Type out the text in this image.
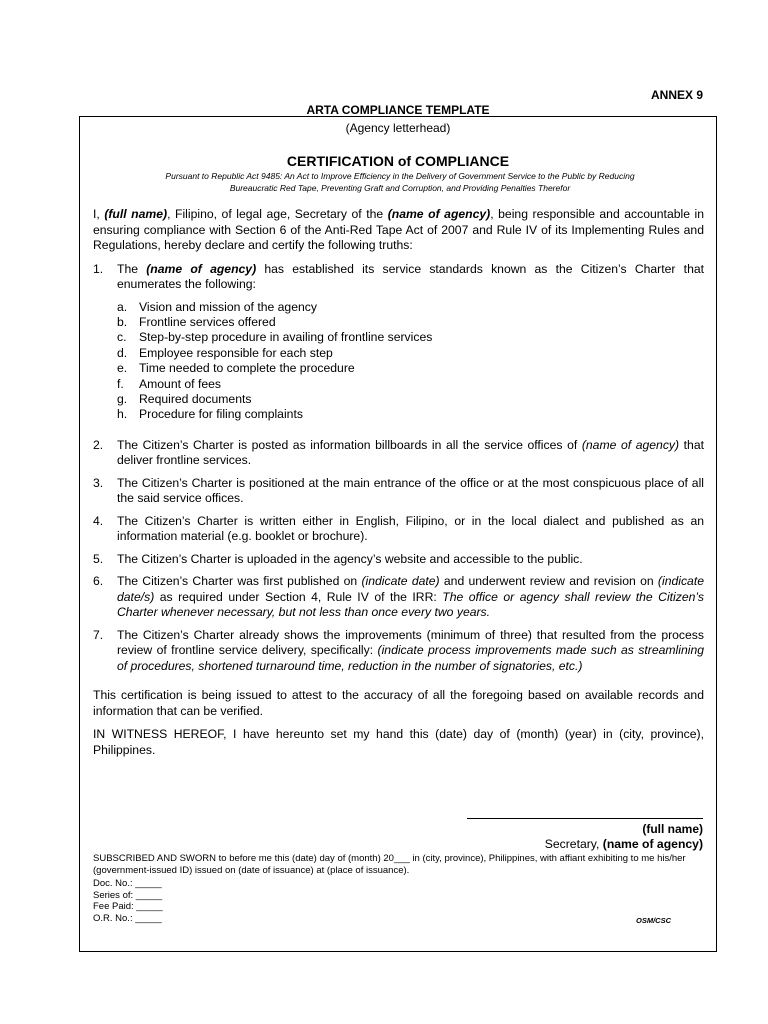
ANNEX 9
ARTA COMPLIANCE TEMPLATE
(Agency letterhead)
CERTIFICATION of COMPLIANCE
Pursuant to Republic Act 9485: An Act to Improve Efficiency in the Delivery of Government Service to the Public by Reducing
Bureaucratic Red Tape, Preventing Graft and Corruption, and Providing Penalties Therefor

I, (full name), Filipino, of legal age, Secretary of the (name of agency), being responsible and accountable in ensuring compliance with Section 6 of the Anti-Red Tape Act of 2007 and Rule IV of its Implementing Rules and Regulations, hereby declare and certify the following truths:

1.	The (name of agency) has established its service standards known as the Citizen’s Charter that enumerates the following:
a. Vision and mission of the agency
b. Frontline services offered
c.	Step-by-step procedure in availing of frontline services
d. Employee responsible for each step
e. Time needed to complete the procedure
f.	Amount of fees
g. Required documents
h. Procedure for filing complaints
2.	The Citizen’s Charter is posted as information billboards in all the service offices of (name of agency) that deliver frontline services.
3.	The Citizen’s Charter is positioned at the main entrance of the office or at the most conspicuous place of all the said service offices.
4.	The Citizen’s Charter is written either in English, Filipino, or in the local dialect and published as an information material (e.g. booklet or brochure).
5.	The Citizen’s Charter is uploaded in the agency’s website and accessible to the public.
6.	The Citizen’s Charter was first published on (indicate date) and underwent review and revision on (indicate date/s) as required under Section 4, Rule IV of the IRR: The office or agency shall review the Citizen’s Charter whenever necessary, but not less than once every two years.
7.	The Citizen’s Charter already shows the improvements (minimum of three) that resulted from the process review of frontline service delivery, specifically: (indicate process improvements made such as streamlining of procedures, shortened turnaround time, reduction in the number of signatories, etc.)

This certification is being issued to attest to the accuracy of all the foregoing based on available records and information that can be verified.

IN WITNESS HEREOF, I have hereunto set my hand this (date) day of (month) (year) in (city, province), Philippines.

(full name)
Secretary, (name of agency)
SUBSCRIBED AND SWORN to before me this (date) day of (month) 20___ in (city, province), Philippines, with affiant exhibiting to me his/her (government-issued ID) issued on (date of issuance) at (place of issuance).
Doc. No.: _____
Series of: _____
Fee Paid: _____
O.R. No.: _____	OSM/CSC
